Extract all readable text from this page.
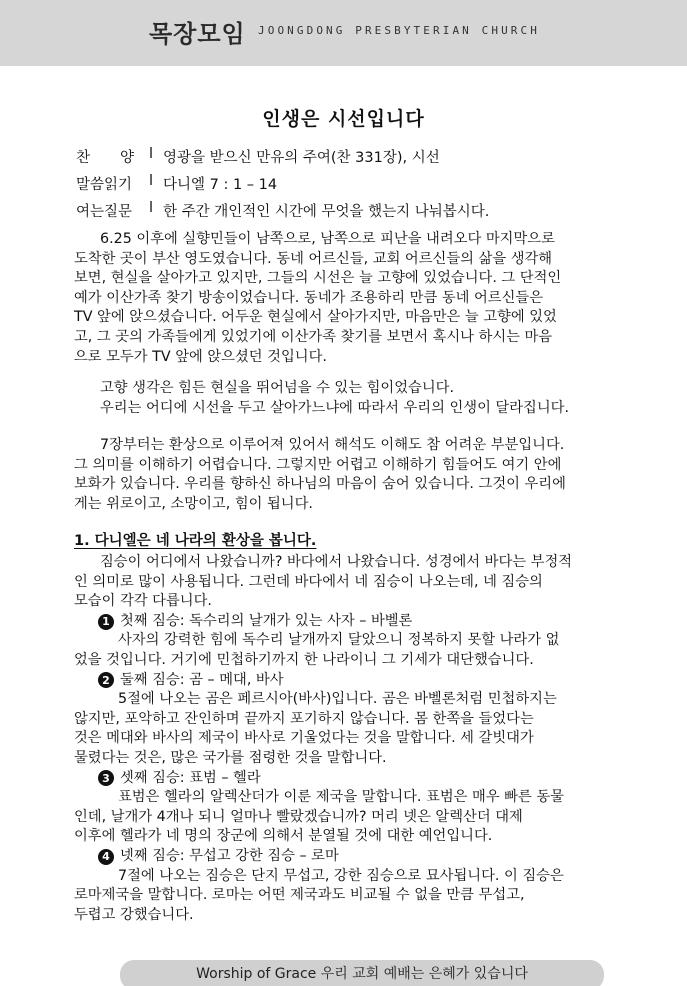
목장모임 JOONGDONG PRESBYTERIAN CHURCH
인생은 시선입니다
찬 양 l 영광을 받으신 만유의 주여(찬 331장), 시선
말씀읽기	l 다니엘 7 : 1 – 14
여는질문	l 한 주간 개인적인 시간에 무엇을 했는지 나눠봅시다.
6.25 이후에 실향민들이 남쪽으로, 남쪽으로 피난을 내려오다 마지막으로
도착한 곳이 부산 영도였습니다. 동네 어르신들, 교회 어르신들의 삶을 생각해
보면, 현실을 살아가고 있지만, 그들의 시선은 늘 고향에 있었습니다. 그 단적인
예가 이산가족 찾기 방송이었습니다. 동네가 조용하리 만큼 동네 어르신들은
TV 앞에 앉으셨습니다. 어두운 현실에서 살아가지만, 마음만은 늘 고향에 있었
고, 그 곳의 가족들에게 있었기에 이산가족 찾기를 보면서 혹시나 하시는 마음
으로 모두가 TV 앞에 앉으셨던 것입니다.
고향 생각은 힘든 현실을 뛰어넘을 수 있는 힘이었습니다.
우리는 어디에 시선을 두고 살아가느냐에 따라서 우리의 인생이 달라집니다.
7장부터는 환상으로 이루어져 있어서 해석도 이해도 참 어려운 부분입니다.
그 의미를 이해하기 어렵습니다. 그렇지만 어렵고 이해하기 힘들어도 여기 안에
보화가 있습니다. 우리를 향하신 하나님의 마음이 숨어 있습니다. 그것이 우리에
게는 위로이고, 소망이고, 힘이 됩니다.
1. 다니엘은 네 나라의 환상을 봅니다.
짐승이 어디에서 나왔습니까? 바다에서 나왔습니다. 성경에서 바다는 부정적
인 의미로 많이 사용됩니다. 그런데 바다에서 네 짐승이 나오는데, 네 짐승의
모습이 각각 다릅니다.
1 첫째 짐승: 독수리의 날개가 있는 사자 – 바벨론
사자의 강력한 힘에 독수리 날개까지 달았으니 정복하지 못할 나라가 없
었을 것입니다. 거기에 민첩하기까지 한 나라이니 그 기세가 대단했습니다.
2 둘째 짐승: 곰 – 메대, 바사
5절에 나오는 곰은 페르시아(바사)입니다. 곰은 바벨론처럼 민첩하지는
않지만, 포악하고 잔인하며 끝까지 포기하지 않습니다. 몸 한쪽을 들었다는
것은 메대와 바사의 제국이 바사로 기울었다는 것을 말합니다. 세 갈빗대가
물렸다는 것은, 많은 국가를 점령한 것을 말합니다.
3 셋째 짐승: 표범 – 헬라
표범은 헬라의 알렉산더가 이룬 제국을 말합니다. 표범은 매우 빠른 동물
인데, 날개가 4개나 되니 얼마나 빨랐겠습니까? 머리 넷은 알렉산더 대제
이후에 헬라가 네 명의 장군에 의해서 분열될 것에 대한 예언입니다.
4 넷째 짐승: 무섭고 강한 짐승 – 로마
7절에 나오는 짐승은 단지 무섭고, 강한 짐승으로 묘사됩니다. 이 짐승은
로마제국을 말합니다. 로마는 어떤 제국과도 비교될 수 없을 만큼 무섭고,
두렵고 강했습니다.
Worship of Grace 우리 교회 예배는 은혜가 있습니다
